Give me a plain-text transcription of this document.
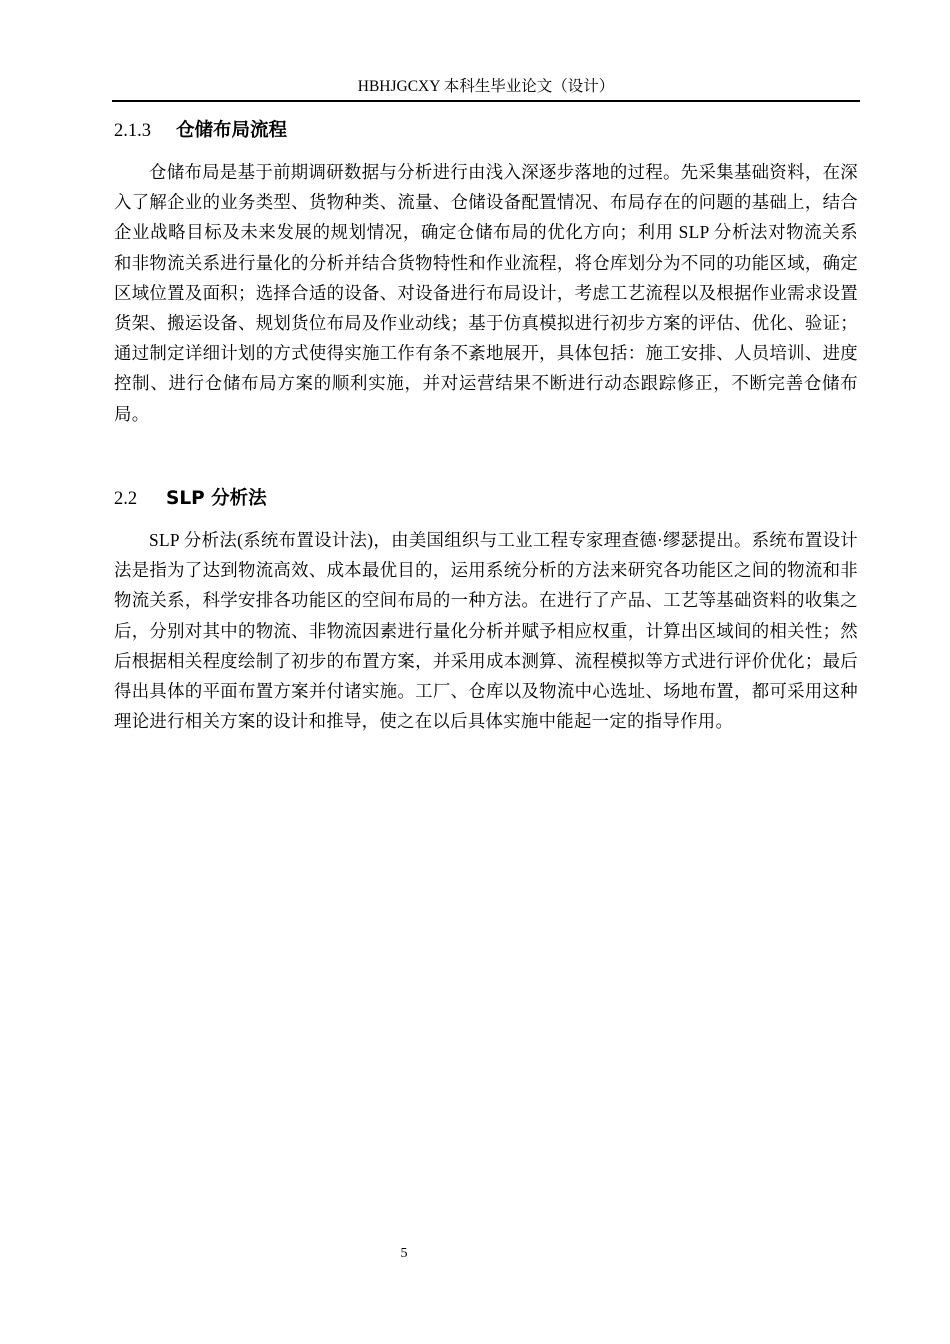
HBHJGCXY 本科生毕业论文（设计）
2.1.3 仓储布局流程
仓储布局是基于前期调研数据与分析进行由浅入深逐步落地的过程。先采集基础资料，在深入了解企业的业务类型、货物种类、流量、仓储设备配置情况、布局存在的问题的基础上，结合企业战略目标及未来发展的规划情况，确定仓储布局的优化方向；利用 SLP 分析法对物流关系和非物流关系进行量化的分析并结合货物特性和作业流程，将仓库划分为不同的功能区域，确定区域位置及面积；选择合适的设备、对设备进行布局设计，考虑工艺流程以及根据作业需求设置货架、搬运设备、规划货位布局及作业动线；基于仿真模拟进行初步方案的评估、优化、验证；通过制定详细计划的方式使得实施工作有条不紊地展开，具体包括：施工安排、人员培训、进度控制、进行仓储布局方案的顺利实施，并对运营结果不断进行动态跟踪修正，不断完善仓储布局。
2.2 SLP 分析法
SLP 分析法(系统布置设计法)，由美国组织与工业工程专家理查德·缪瑟提出。系统布置设计法是指为了达到物流高效、成本最优目的，运用系统分析的方法来研究各功能区之间的物流和非物流关系，科学安排各功能区的空间布局的一种方法。在进行了产品、工艺等基础资料的收集之后，分别对其中的物流、非物流因素进行量化分析并赋予相应权重，计算出区域间的相关性；然后根据相关程度绘制了初步的布置方案，并采用成本测算、流程模拟等方式进行评价优化；最后得出具体的平面布置方案并付诸实施。工厂、仓库以及物流中心选址、场地布置，都可采用这种理论进行相关方案的设计和推导，使之在以后具体实施中能起一定的指导作用。
5
